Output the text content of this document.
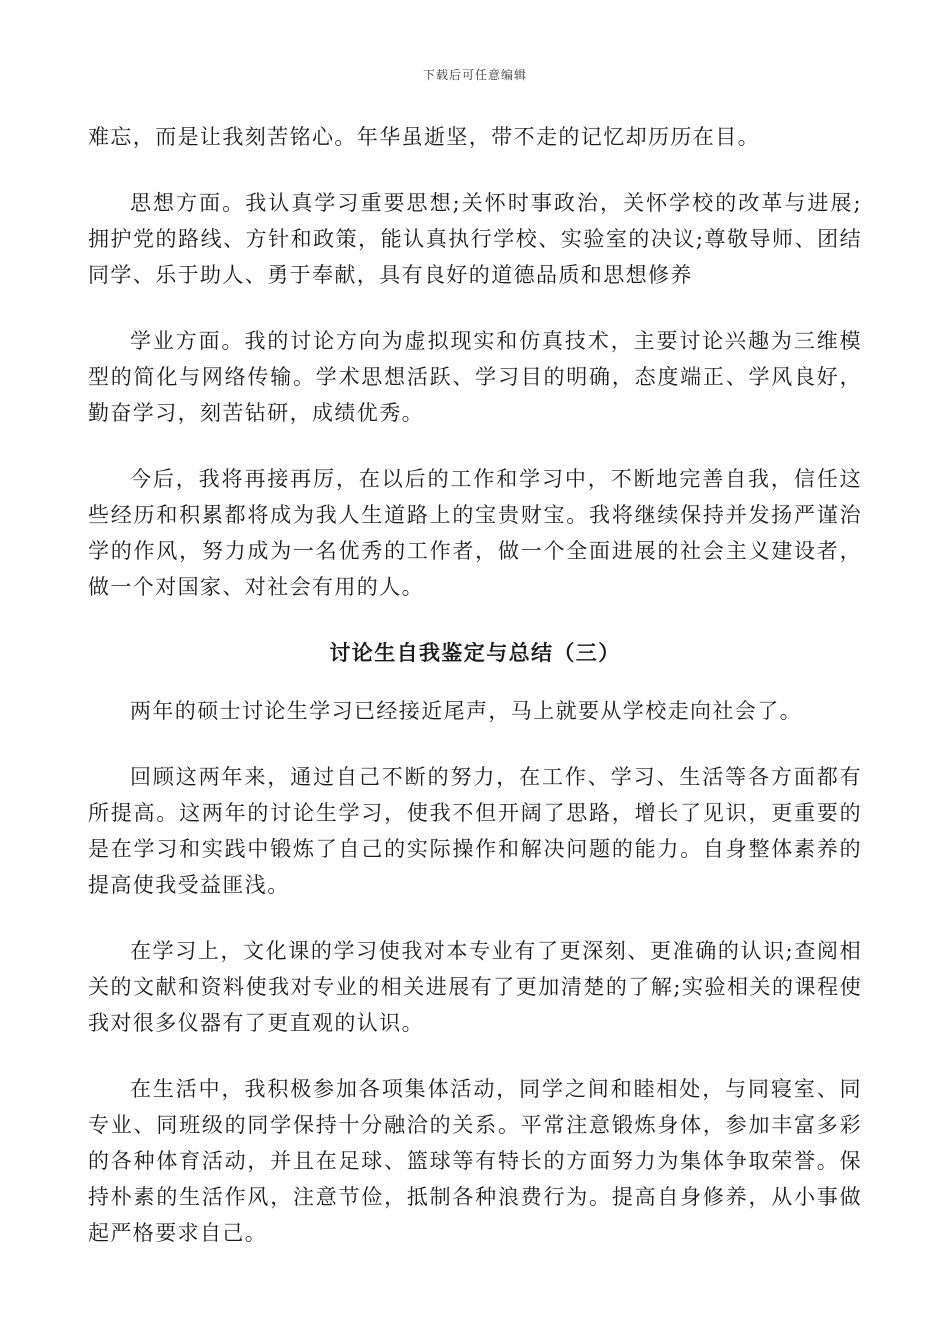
下载后可任意编辑

难忘，而是让我刻苦铭心。年华虽逝坚，带不走的记忆却历历在目。

思想方面。我认真学习重要思想;关怀时事政治，关怀学校的改革与进展;拥护党的路线、方针和政策，能认真执行学校、实验室的决议;尊敬导师、团结同学、乐于助人、勇于奉献，具有良好的道德品质和思想修养

学业方面。我的讨论方向为虚拟现实和仿真技术，主要讨论兴趣为三维模型的简化与网络传输。学术思想活跃、学习目的明确，态度端正、学风良好，勤奋学习，刻苦钻研，成绩优秀。

今后，我将再接再厉，在以后的工作和学习中，不断地完善自我，信任这些经历和积累都将成为我人生道路上的宝贵财宝。我将继续保持并发扬严谨治学的作风，努力成为一名优秀的工作者，做一个全面进展的社会主义建设者，做一个对国家、对社会有用的人。

讨论生自我鉴定与总结（三）

两年的硕士讨论生学习已经接近尾声，马上就要从学校走向社会了。

回顾这两年来，通过自己不断的努力，在工作、学习、生活等各方面都有所提高。这两年的讨论生学习，使我不但开阔了思路，增长了见识，更重要的是在学习和实践中锻炼了自己的实际操作和解决问题的能力。自身整体素养的提高使我受益匪浅。

在学习上，文化课的学习使我对本专业有了更深刻、更准确的认识;查阅相关的文献和资料使我对专业的相关进展有了更加清楚的了解;实验相关的课程使我对很多仪器有了更直观的认识。

在生活中，我积极参加各项集体活动，同学之间和睦相处，与同寝室、同专业、同班级的同学保持十分融洽的关系。平常注意锻炼身体，参加丰富多彩的各种体育活动，并且在足球、篮球等有特长的方面努力为集体争取荣誉。保持朴素的生活作风，注意节俭，抵制各种浪费行为。提高自身修养，从小事做起严格要求自己。
